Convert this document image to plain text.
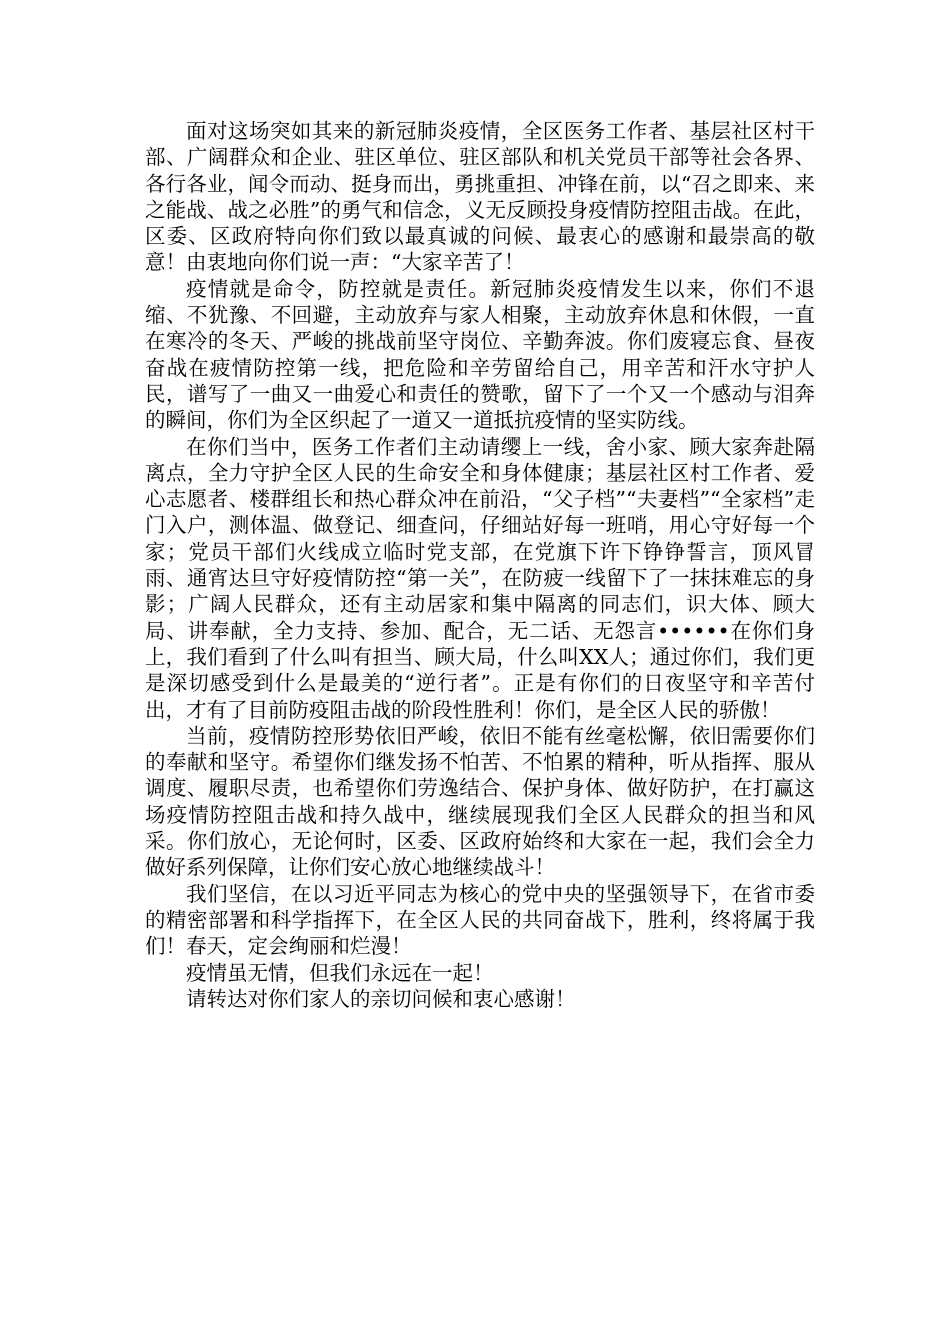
面对这场突如其来的新冠肺炎疫情，全区医务工作者、基层社区村干部、广阔群众和企业、驻区单位、驻区部队和机关党员干部等社会各界、各行各业，闻令而动、挺身而出，勇挑重担、冲锋在前，以“召之即来、来之能战、战之必胜”的勇气和信念，义无反顾投身疫情防控阻击战。在此，区委、区政府特向你们致以最真诚的问候、最衷心的感谢和最崇高的敬意！由衷地向你们说一声：“大家辛苦了！

疫情就是命令，防控就是责任。新冠肺炎疫情发生以来，你们不退缩、不犹豫、不回避，主动放弃与家人相聚，主动放弃休息和休假，一直在寒冷的冬天、严峻的挑战前坚守岗位、辛勤奔波。你们废寝忘食、昼夜奋战在疲情防控第一线，把危险和辛劳留给自己，用辛苦和汗水守护人民，谱写了一曲又一曲爱心和责任的赞歌，留下了一个又一个感动与泪奔的瞬间，你们为全区织起了一道又一道抵抗疫情的坚实防线。

在你们当中，医务工作者们主动请缨上一线，舍小家、顾大家奔赴隔离点，全力守护全区人民的生命安全和身体健康；基层社区村工作者、爱心志愿者、楼群组长和热心群众冲在前沿，“父子档”“夫妻档”“全家档”走门入户，测体温、做登记、细查问，仔细站好每一班哨，用心守好每一个家；党员干部们火线成立临时党支部，在党旗下许下铮铮誓言，顶风冒雨、通宵达旦守好疫情防控“第一关”，在防疲一线留下了一抹抹难忘的身影；广阔人民群众，还有主动居家和集中隔离的同志们，识大体、顾大局、讲奉献，全力支持、参加、配合，无二话、无怨言••••••在你们身上，我们看到了什么叫有担当、顾大局，什么叫XX人；通过你们，我们更是深切感受到什么是最美的“逆行者”。正是有你们的日夜坚守和辛苦付出，才有了目前防疫阻击战的阶段性胜利！你们，是全区人民的骄傲！

当前，疫情防控形势依旧严峻，依旧不能有丝毫松懈，依旧需要你们的奉献和坚守。希望你们继发扬不怕苦、不怕累的精种，听从指挥、服从调度、履职尽责，也希望你们劳逸结合、保护身体、做好防护，在打赢这场疫情防控阻击战和持久战中，继续展现我们全区人民群众的担当和风采。你们放心，无论何时，区委、区政府始终和大家在一起，我们会全力做好系列保障，让你们安心放心地继续战斗！

我们坚信，在以习近平同志为核心的党中央的坚强领导下，在省市委的精密部署和科学指挥下，在全区人民的共同奋战下，胜利，终将属于我们！春天，定会绚丽和烂漫！

疫情虽无情，但我们永远在一起！

请转达对你们家人的亲切问候和衷心感谢！
